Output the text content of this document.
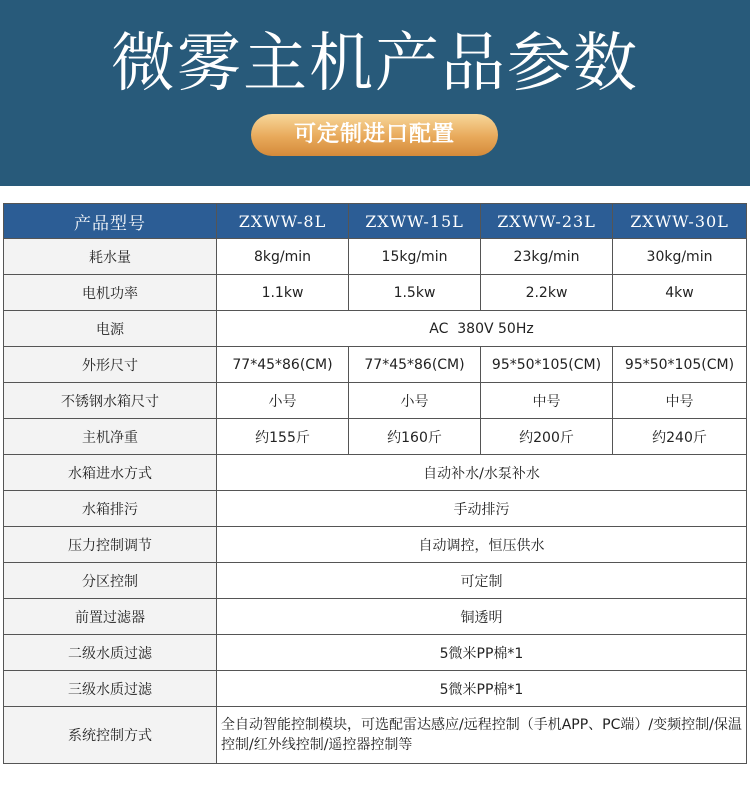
微雾主机产品参数
可定制进口配置
产品型号	ZXWW-8L	ZXWW-15L	ZXWW-23L	ZXWW-30L
耗水量	8kg/min	15kg/min	23kg/min	30kg/min
电机功率	1.1kw	1.5kw	2.2kw	4kw
电源	AC  380V 50Hz			
外形尺寸	77*45*86(CM)	77*45*86(CM)	95*50*105(CM)	95*50*105(CM)
不锈钢水箱尺寸	小号	小号	中号	中号
主机净重	约155斤	约160斤	约200斤	约240斤
水箱进水方式	自动补水/水泵补水			
水箱排污	手动排污			
压力控制调节	自动调控，恒压供水			
分区控制	可定制			
前置过滤器	铜透明			
二级水质过滤	5微米PP棉*1			
三级水质过滤	5微米PP棉*1			
系统控制方式	全自动智能控制模块，可选配雷达感应/远程控制（手机APP、PC端）/变频控制/保温控制/红外线控制/遥控器控制等			
